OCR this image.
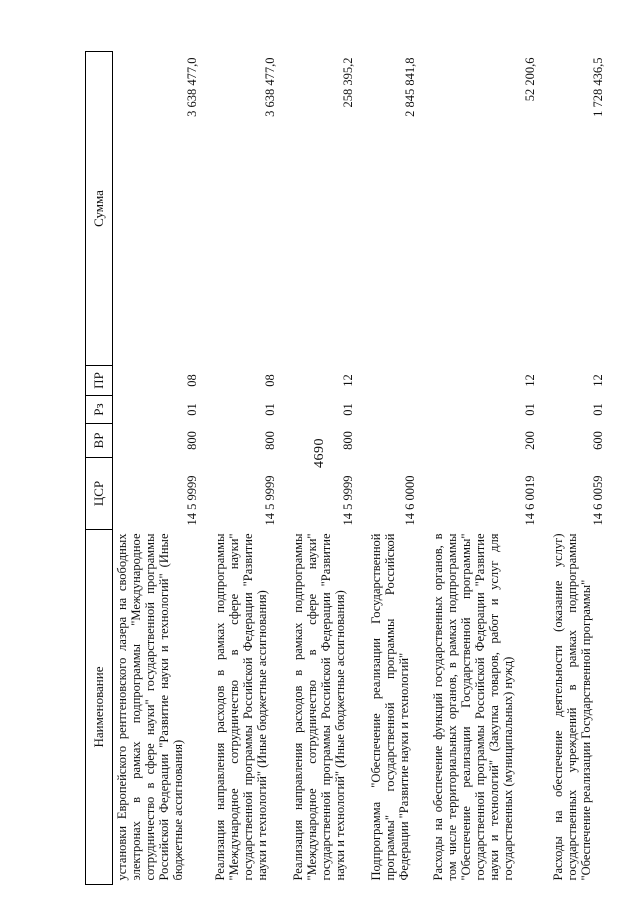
4690
Наименование	ЦСР	ВР	Рз	ПР	Сумма
установки Европейского рентгеновского лазера на свободных электронах в рамках подпрограммы "Международное сотрудничество в сфере науки" государственной программы Российской Федерации "Развитие науки и технологий" (Иные бюджетные ассигнования)	14 5 9999	800	01	08	3 638 477,0
Реализация направления расходов в рамках подпрограммы "Международное сотрудничество в сфере науки" государственной программы Российской Федерации "Развитие науки и технологий" (Иные бюджетные ассигнования)	14 5 9999	800	01	08	3 638 477,0
Реализация направления расходов в рамках подпрограммы "Международное сотрудничество в сфере науки" государственной программы Российской Федерации "Развитие науки и технологий" (Иные бюджетные ассигнования)	14 5 9999	800	01	12	258 395,2
Подпрограмма "Обеспечение реализации Государственной программы" государственной программы Российской Федерации "Развитие науки и технологий"	14 6 0000				2 845 841,8
Расходы на обеспечение функций государственных органов, в том числе территориальных органов, в рамках подпрограммы "Обеспечение реализации Государственной программы" государственной программы Российской Федерации "Развитие науки и технологий" (Закупка товаров, работ и услуг для государственных (муниципальных) нужд)	14 6 0019	200	01	12	52 200,6
Расходы на обеспечение деятельности (оказание услуг) государственных учреждений в рамках подпрограммы "Обеспечение реализации Государственной программы"	14 6 0059	600	01	12	1 728 436,5
